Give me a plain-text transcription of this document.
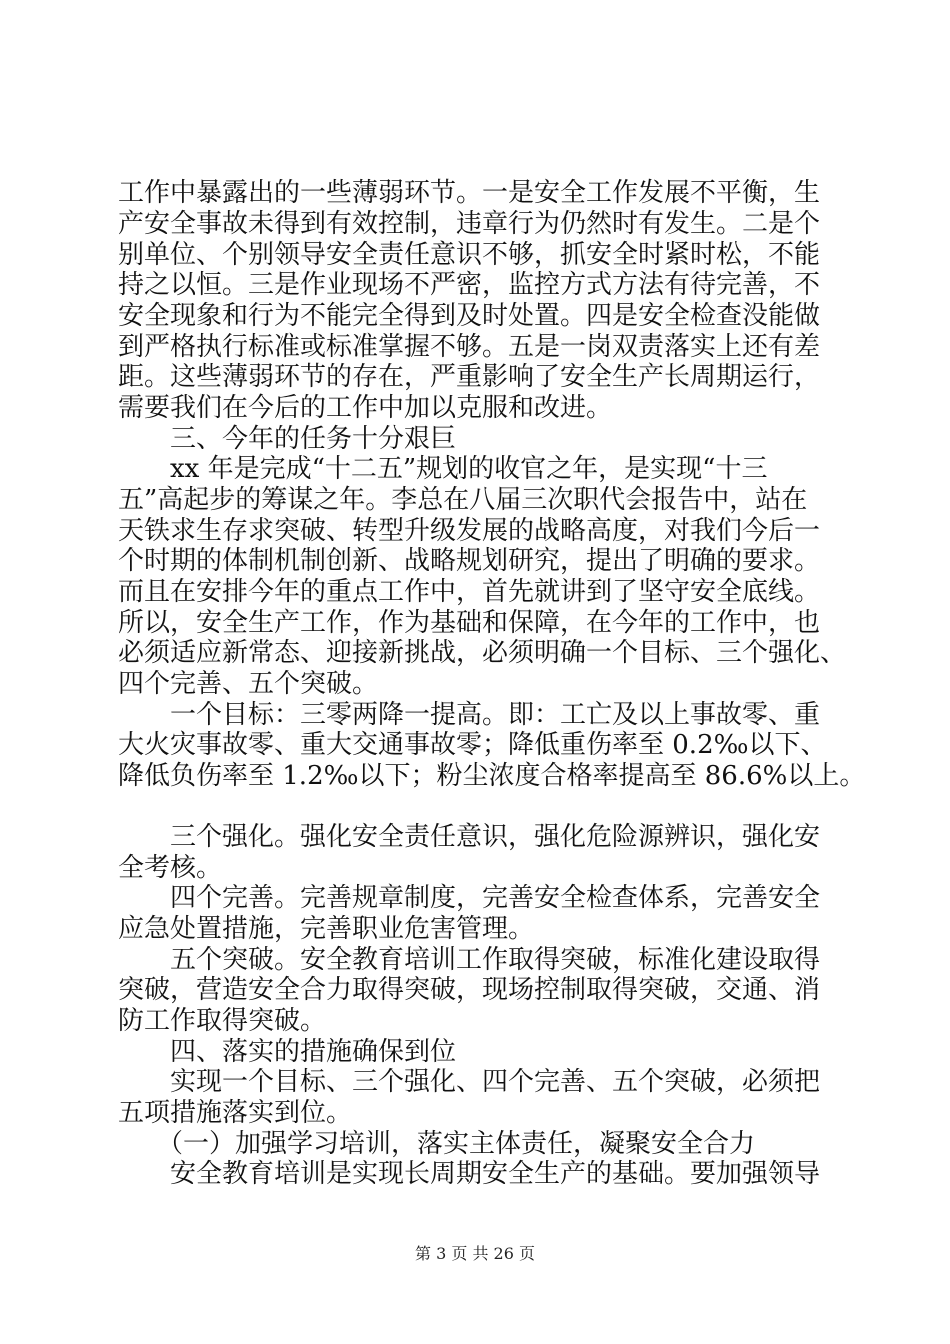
工作中暴露出的一些薄弱环节。一是安全工作发展不平衡，生
产安全事故未得到有效控制，违章行为仍然时有发生。二是个
别单位、个别领导安全责任意识不够，抓安全时紧时松，不能
持之以恒。三是作业现场不严密，监控方式方法有待完善，不
安全现象和行为不能完全得到及时处置。四是安全检查没能做
到严格执行标准或标准掌握不够。五是一岗双责落实上还有差
距。这些薄弱环节的存在，严重影响了安全生产长周期运行，
需要我们在今后的工作中加以克服和改进。
　　三、今年的任务十分艰巨
　　xx 年是完成“十二五”规划的收官之年，是实现“十三
五”高起步的筹谋之年。李总在八届三次职代会报告中，站在
天铁求生存求突破、转型升级发展的战略高度，对我们今后一
个时期的体制机制创新、战略规划研究，提出了明确的要求。
而且在安排今年的重点工作中，首先就讲到了坚守安全底线。
所以，安全生产工作，作为基础和保障，在今年的工作中，也
必须适应新常态、迎接新挑战，必须明确一个目标、三个强化、
四个完善、五个突破。
　　一个目标：三零两降一提高。即：工亡及以上事故零、重
大火灾事故零、重大交通事故零；降低重伤率至 0.2‰以下、
降低负伤率至 1.2‰以下；粉尘浓度合格率提高至 86.6%以上。
　　三个强化。强化安全责任意识，强化危险源辨识，强化安
全考核。
　　四个完善。完善规章制度，完善安全检查体系，完善安全
应急处置措施，完善职业危害管理。
　　五个突破。安全教育培训工作取得突破，标准化建设取得
突破，营造安全合力取得突破，现场控制取得突破，交通、消
防工作取得突破。
　　四、落实的措施确保到位
　　实现一个目标、三个强化、四个完善、五个突破，必须把
五项措施落实到位。
　　（一）加强学习培训，落实主体责任，凝聚安全合力
　　安全教育培训是实现长周期安全生产的基础。要加强领导
第 3 页 共 26 页
